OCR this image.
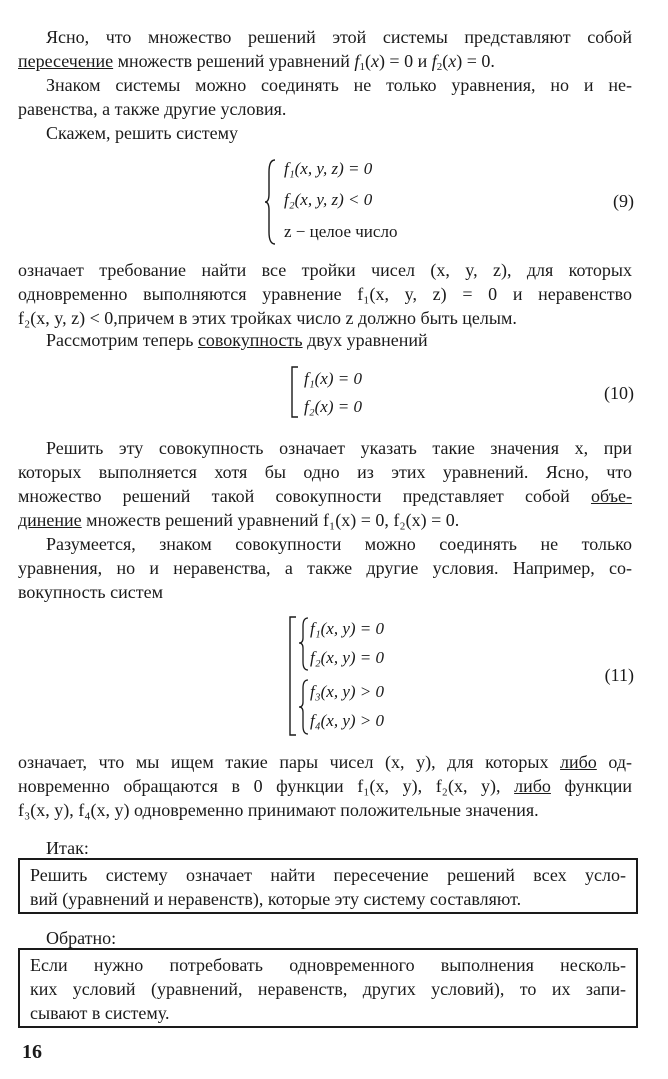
Ясно, что множество решений этой системы представляют собой
пересечение множеств решений уравнений $f_1(x) = 0$ и $f_2(x) = 0$.
Знаком системы можно соединять не только уравнения, но и не-
равенства, а также другие условия.
Скажем, решить систему
f₁(x, y, z) = 0
f₂(x, y, z) < 0
z − целое число
(9)
означает требование найти все тройки чисел (x, y, z), для которых
одновременно выполняются уравнение f₁(x, y, z) = 0 и неравенство
f₂(x, y, z) < 0,причем в этих тройках число z должно быть целым.
Рассмотрим теперь совокупность двух уравнений
f₁(x) = 0
f₂(x) = 0
(10)
Решить эту совокупность означает указать такие значения x, при
которых выполняется хотя бы одно из этих уравнений. Ясно, что
множество решений такой совокупности представляет собой объе-
динение множеств решений уравнений f₁(x) = 0, f₂(x) = 0.
Разумеется, знаком совокупности можно соединять не только
уравнения, но и неравенства, а также другие условия. Например, со-
вокупность систем
f₁(x, y) = 0
f₂(x, y) = 0
f₃(x, y) > 0
f₄(x, y) > 0
(11)
означает, что мы ищем такие пары чисел (x, y), для которых либо од-
новременно обращаются в 0 функции f₁(x, y), f₂(x, y), либо функции
f₃(x, y), f₄(x, y) одновременно принимают положительные значения.
Итак:
Решить систему означает найти пересечение решений всех усло-
вий (уравнений и неравенств), которые эту систему составляют.
Обратно:
Если нужно потребовать одновременного выполнения несколь-
ких условий (уравнений, неравенств, других условий), то их запи-
сывают в систему.
16
